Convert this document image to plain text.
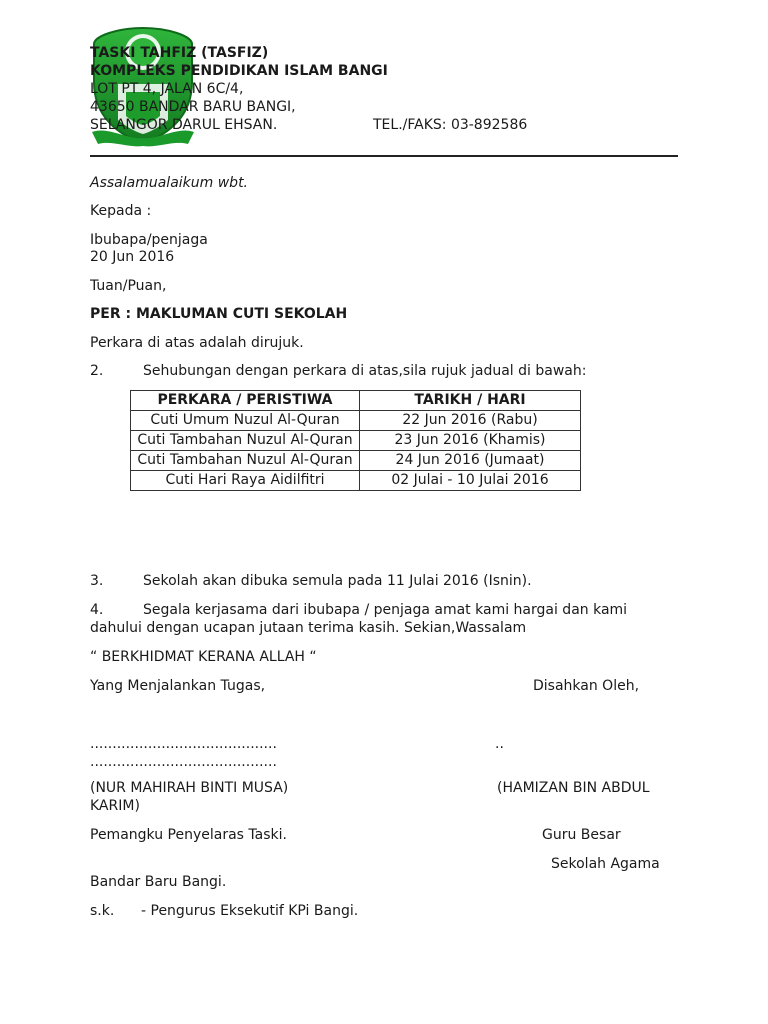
TASKI TAHFIZ (TASFIZ)
KOMPLEKS PENDIDIKAN ISLAM BANGI
LOT PT 4, JALAN 6C/4,
43650 BANDAR BARU BANGI,
SELANGOR DARUL EHSAN.	TEL./FAKS: 03-892586
Assalamualaikum wbt.
Kepada :
Ibubapa/penjaga
20 Jun 2016
Tuan/Puan,
PER : MAKLUMAN CUTI SEKOLAH
Perkara di atas adalah dirujuk.
2.	Sehubungan dengan perkara di atas,sila rujuk jadual di bawah:
PERKARA / PERISTIWA	TARIKH / HARI
Cuti Umum Nuzul Al-Quran	22 Jun 2016 (Rabu)
Cuti Tambahan Nuzul Al-Quran	23 Jun 2016 (Khamis)
Cuti Tambahan Nuzul Al-Quran	24 Jun 2016 (Jumaat)
Cuti Hari Raya Aidilfitri	02 Julai - 10 Julai 2016
3.	Sekolah akan dibuka semula pada 11 Julai 2016 (Isnin).
4.	Segala kerjasama dari ibubapa / penjaga amat kami hargai dan kami
dahului dengan ucapan jutaan terima kasih. Sekian,Wassalam
“ BERKHIDMAT KERANA ALLAH “
Yang Menjalankan Tugas,	Disahkan Oleh,
..........................................	..
..........................................
(NUR MAHIRAH BINTI MUSA)	(HAMIZAN BIN ABDUL
KARIM)
Pemangku Penyelaras Taski.	Guru Besar
Sekolah Agama
Bandar Baru Bangi.
s.k. - Pengurus Eksekutif KPi Bangi.
